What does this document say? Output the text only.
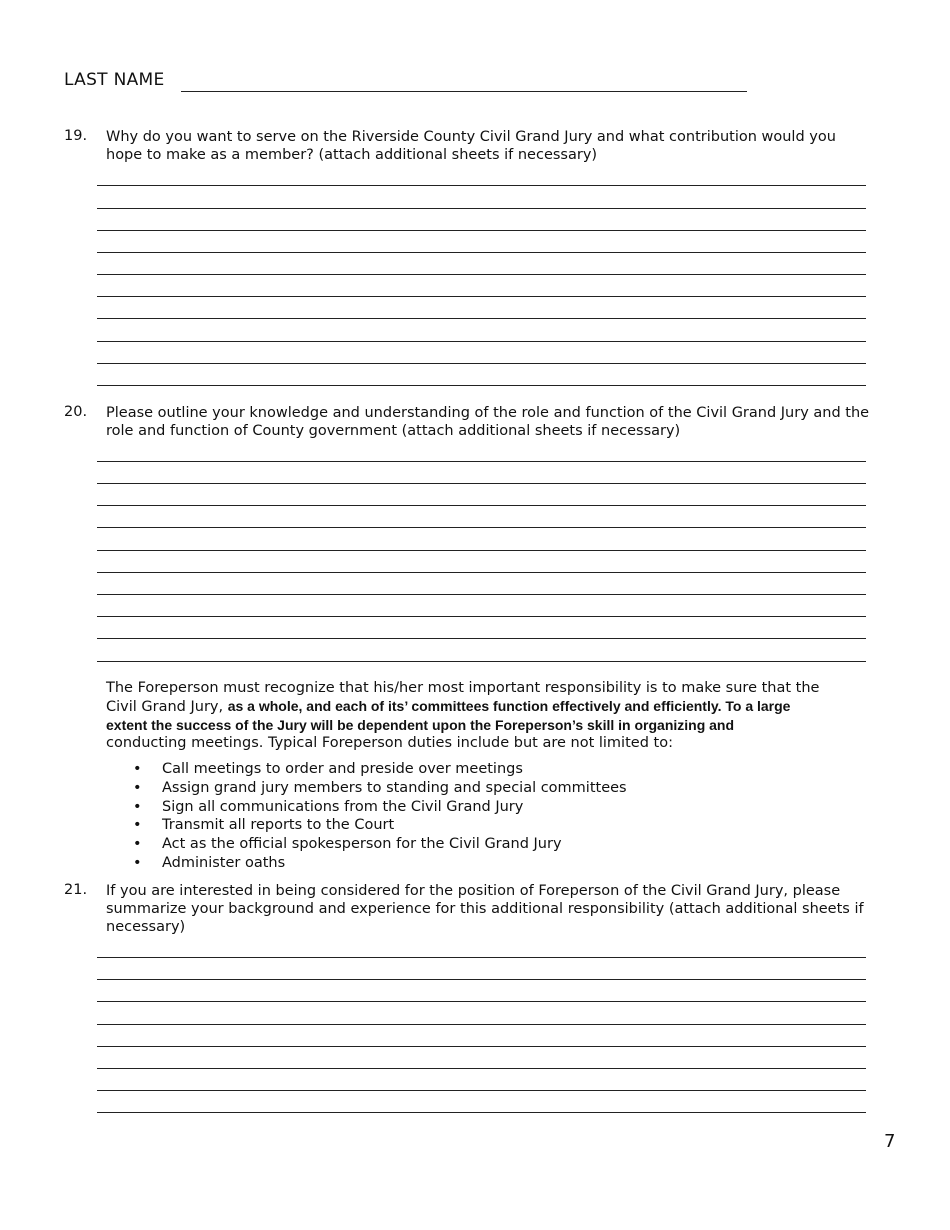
LAST NAME
19.	Why do you want to serve on the Riverside County Civil Grand Jury and what contribution would you
hope to make as a member? (attach additional sheets if necessary)
20.	Please outline your knowledge and understanding of the role and function of the Civil Grand Jury and the
role and function of County government (attach additional sheets if necessary)
The Foreperson must recognize that his/her most important responsibility is to make sure that the
Civil Grand Jury, as a whole, and each of its’ committees function effectively and efficiently. To a large
extent the success of the Jury will be dependent upon the Foreperson’s skill in organizing and
conducting meetings. Typical Foreperson duties include but are not limited to:
• Call meetings to order and preside over meetings
• Assign grand jury members to standing and special committees
• Sign all communications from the Civil Grand Jury
• Transmit all reports to the Court
• Act as the official spokesperson for the Civil Grand Jury
• Administer oaths
21.	If you are interested in being considered for the position of Foreperson of the Civil Grand Jury, please
summarize your background and experience for this additional responsibility (attach additional sheets if
necessary)
7
